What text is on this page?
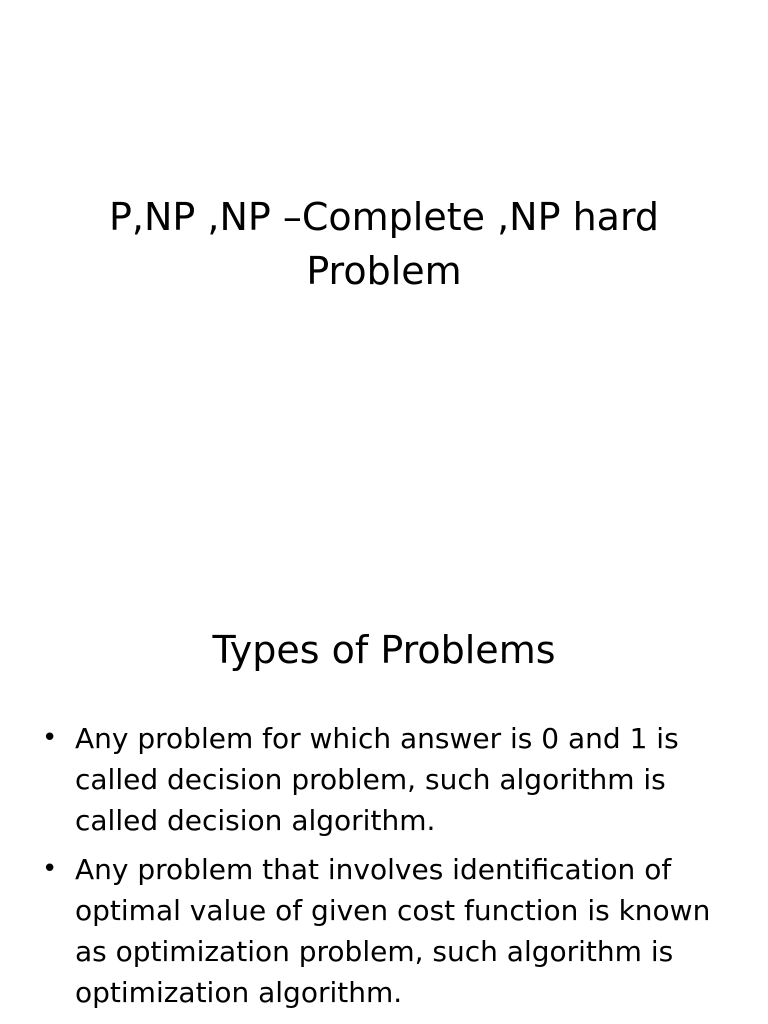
P,NP ,NP –Complete ,NP hard
Problem
Types of Problems
• Any problem for which answer is 0 and 1 is called decision problem, such algorithm is called decision algorithm.
• Any problem that involves identification of optimal value of given cost function is known as optimization problem, such algorithm is optimization algorithm.
